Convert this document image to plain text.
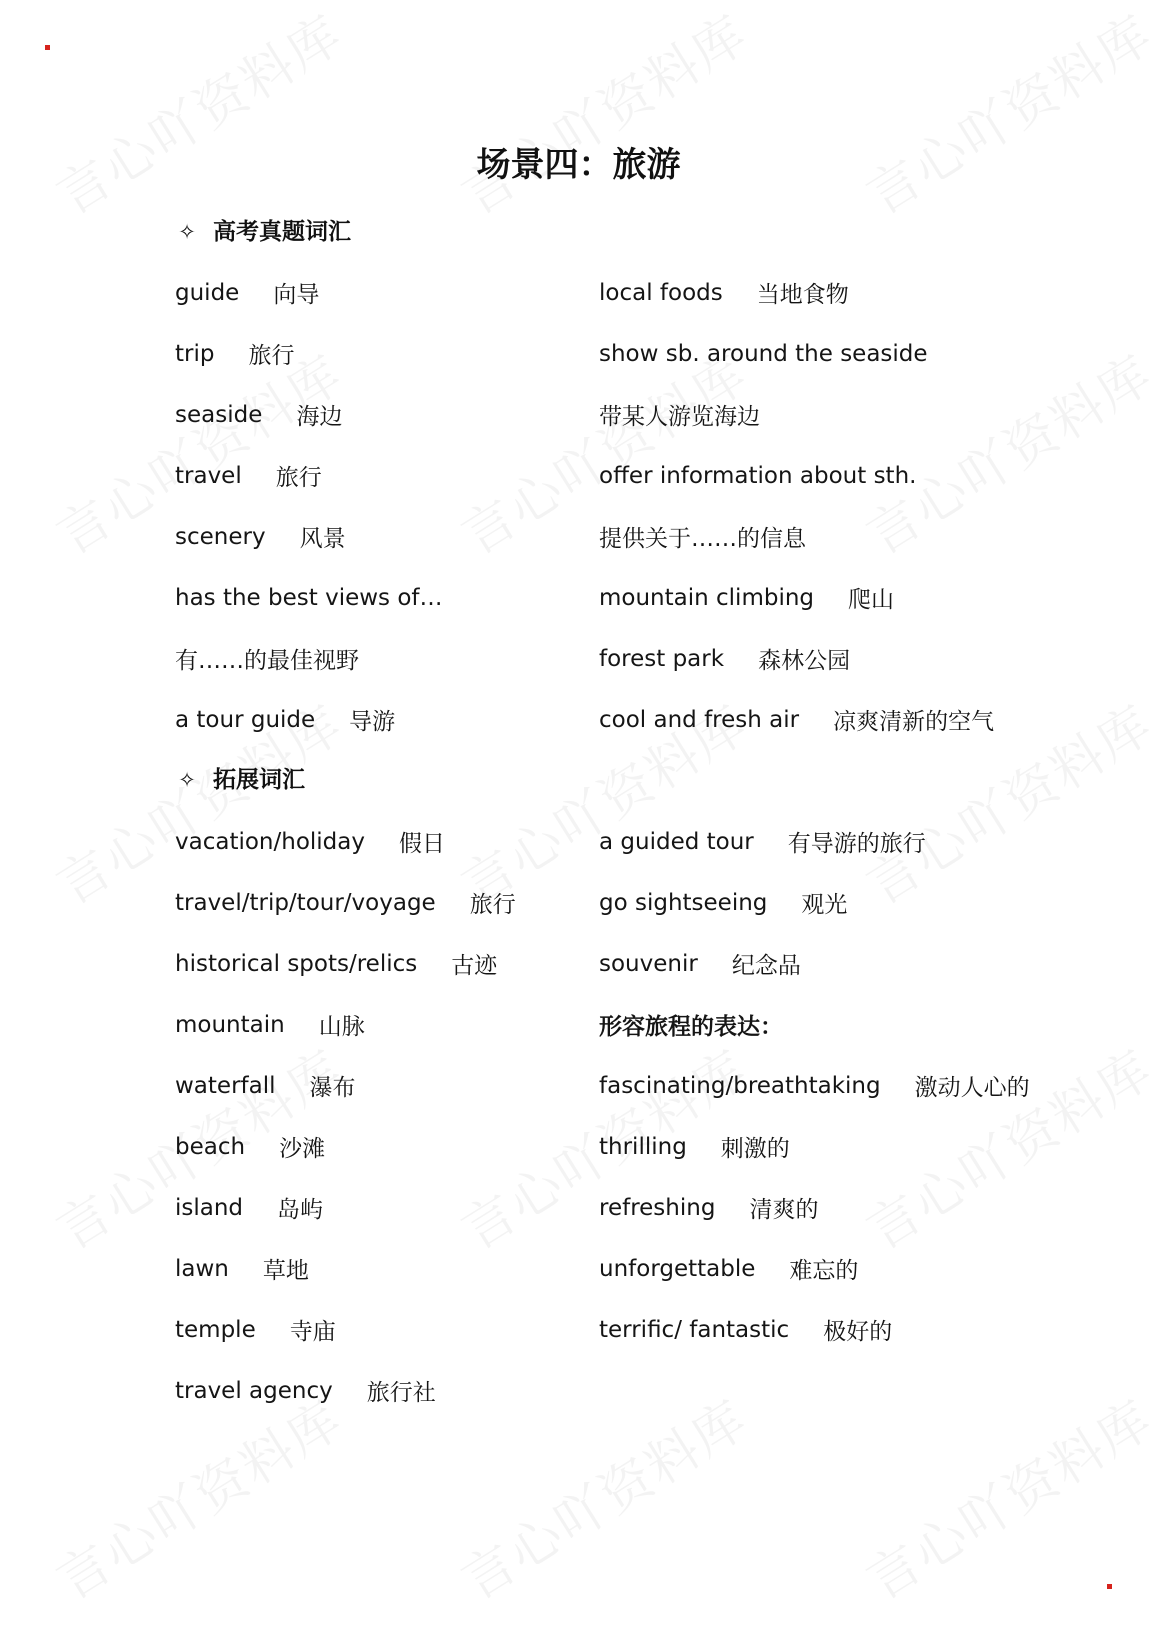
场景四：旅游
✧ 高考真题词汇
guide 向导
trip 旅行
seaside 海边
travel 旅行
scenery 风景
has the best views of…
有……的最佳视野
a tour guide 导游
local foods 当地食物
show sb. around the seaside
带某人游览海边
offer information about sth.
提供关于……的信息
mountain climbing 爬山
forest park 森林公园
cool and fresh air 凉爽清新的空气
✧ 拓展词汇
vacation/holiday 假日
travel/trip/tour/voyage 旅行
historical spots/relics 古迹
mountain 山脉
waterfall 瀑布
beach 沙滩
island 岛屿
lawn 草地
temple 寺庙
travel agency 旅行社
a guided tour 有导游的旅行
go sightseeing 观光
souvenir 纪念品
形容旅程的表达：
fascinating/breathtaking 激动人心的
thrilling 刺激的
refreshing 清爽的
unforgettable 难忘的
terrific/ fantastic 极好的
